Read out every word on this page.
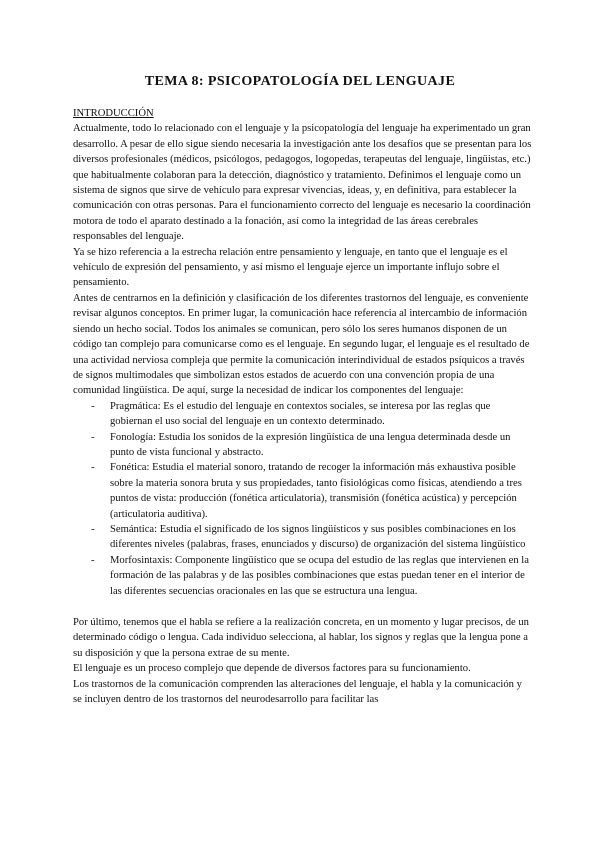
TEMA 8: PSICOPATOLOGÍA DEL LENGUAJE

INTRODUCCIÓN

Actualmente, todo lo relacionado con el lenguaje y la psicopatología del lenguaje ha experimentado un gran desarrollo. A pesar de ello sigue siendo necesaria la investigación ante los desafíos que se presentan para los diversos profesionales (médicos, psicólogos, pedagogos, logopedas, terapeutas del lenguaje, lingüistas, etc.) que habitualmente colaboran para la detección, diagnóstico y tratamiento. Definimos el lenguaje como un sistema de signos que sirve de vehículo para expresar vivencias, ideas, y, en definitiva, para establecer la comunicación con otras personas. Para el funcionamiento correcto del lenguaje es necesario la coordinación motora de todo el aparato destinado a la fonación, así como la integridad de las áreas cerebrales responsables del lenguaje.

Ya se hizo referencia a la estrecha relación entre pensamiento y lenguaje, en tanto que el lenguaje es el vehículo de expresión del pensamiento, y así mismo el lenguaje ejerce un importante influjo sobre el pensamiento.

Antes de centrarnos en la definición y clasificación de los diferentes trastornos del lenguaje, es conveniente revisar algunos conceptos. En primer lugar, la comunicación hace referencia al intercambio de información siendo un hecho social. Todos los animales se comunican, pero sólo los seres humanos disponen de un código tan complejo para comunicarse como es el lenguaje. En segundo lugar, el lenguaje es el resultado de una actividad nerviosa compleja que permite la comunicación interindividual de estados psíquicos a través de signos multimodales que simbolizan estos estados de acuerdo con una convención propia de una comunidad lingüística. De aquí, surge la necesidad de indicar los componentes del lenguaje:

- Pragmática: Es el estudio del lenguaje en contextos sociales, se interesa por las reglas que gobiernan el uso social del lenguaje en un contexto determinado.
- Fonología: Estudia los sonidos de la expresión lingüística de una lengua determinada desde un punto de vista funcional y abstracto.
- Fonética: Estudia el material sonoro, tratando de recoger la información más exhaustiva posible sobre la materia sonora bruta y sus propiedades, tanto fisiológicas como físicas, atendiendo a tres puntos de vista: producción (fonética articulatoria), transmisión (fonética acústica) y percepción (articulatoria auditiva).
- Semántica: Estudia el significado de los signos lingüísticos y sus posibles combinaciones en los diferentes niveles (palabras, frases, enunciados y discurso) de organización del sistema lingüístico
- Morfosintaxis: Componente lingüístico que se ocupa del estudio de las reglas que intervienen en la formación de las palabras y de las posibles combinaciones que estas puedan tener en el interior de las diferentes secuencias oracionales en las que se estructura una lengua.

Por último, tenemos que el habla se refiere a la realización concreta, en un momento y lugar precisos, de un determinado código o lengua. Cada individuo selecciona, al hablar, los signos y reglas que la lengua pone a su disposición y que la persona extrae de su mente.

El lenguaje es un proceso complejo que depende de diversos factores para su funcionamiento.

Los trastornos de la comunicación comprenden las alteraciones del lenguaje, el habla y la comunicación y se incluyen dentro de los trastornos del neurodesarrollo para facilitar las
